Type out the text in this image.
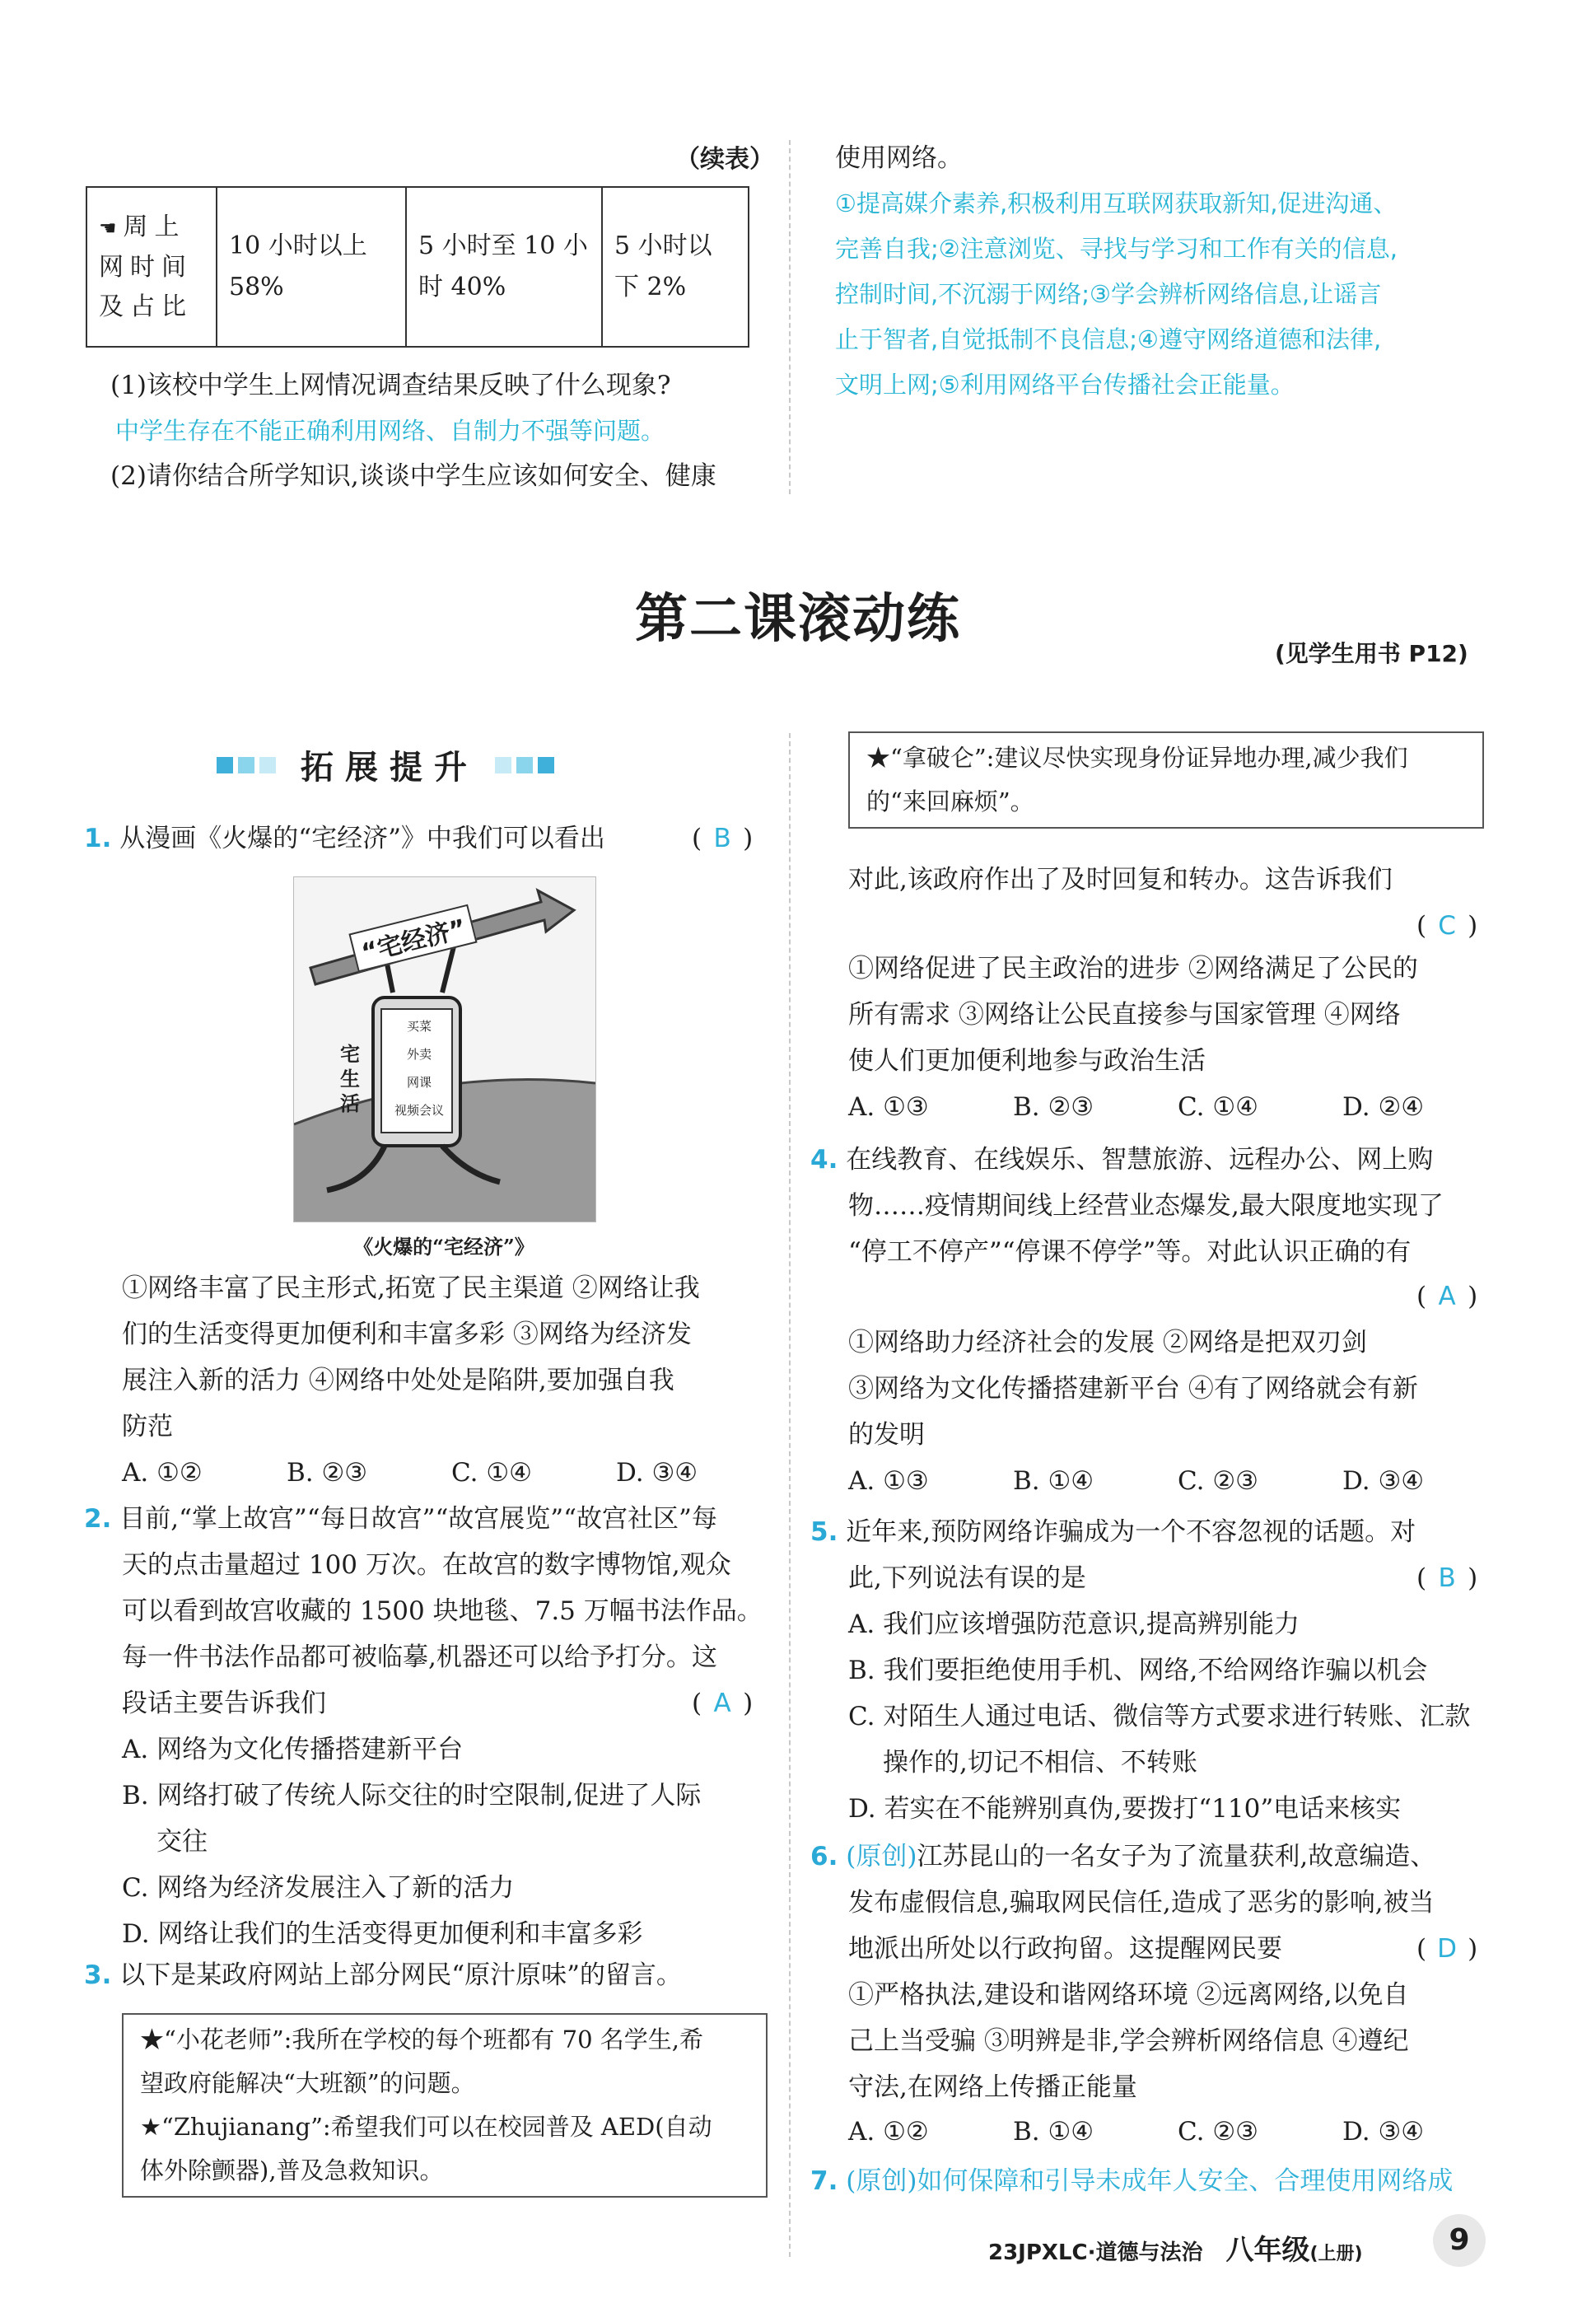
（续表）
☚周上网时间及占比	10 小时以上 58%	5 小时至 10 小时 40%	5 小时以下 2%
(1)该校中学生上网情况调查结果反映了什么现象?
中学生存在不能正确利用网络、自制力不强等问题。
(2)请你结合所学知识,谈谈中学生应该如何安全、健康
使用网络。
①提高媒介素养,积极利用互联网获取新知,促进沟通、
完善自我;②注意浏览、寻找与学习和工作有关的信息,
控制时间,不沉溺于网络;③学会辨析网络信息,让谣言
止于智者,自觉抵制不良信息;④遵守网络道德和法律,
文明上网;⑤利用网络平台传播社会正能量。
第二课滚动练
(见学生用书 P12)
拓展提升
1. 从漫画《火爆的“宅经济”》中我们可以看出	( B )
“宅经济”
买菜
外卖
网课
视频会议
宅生活
《火爆的“宅经济”》
①网络丰富了民主形式,拓宽了民主渠道 ②网络让我
们的生活变得更加便利和丰富多彩 ③网络为经济发
展注入新的活力 ④网络中处处是陷阱,要加强自我
防范
A. ①②	B. ②③	C. ①④	D. ③④
2. 目前,“掌上故宫”“每日故宫”“故宫展览”“故宫社区”每
天的点击量超过 100 万次。在故宫的数字博物馆,观众
可以看到故宫收藏的 1500 块地毯、7.5 万幅书法作品。
每一件书法作品都可被临摹,机器还可以给予打分。这
段话主要告诉我们	( A )
A. 网络为文化传播搭建新平台
B. 网络打破了传统人际交往的时空限制,促进了人际
交往
C. 网络为经济发展注入了新的活力
D. 网络让我们的生活变得更加便利和丰富多彩
3. 以下是某政府网站上部分网民“原汁原味”的留言。
★“小花老师”:我所在学校的每个班都有 70 名学生,希
望政府能解决“大班额”的问题。
★“Zhujianang”:希望我们可以在校园普及 AED(自动
体外除颤器),普及急救知识。
★“拿破仑”:建议尽快实现身份证异地办理,减少我们
的“来回麻烦”。
对此,该政府作出了及时回复和转办。这告诉我们
( C )
①网络促进了民主政治的进步 ②网络满足了公民的
所有需求 ③网络让公民直接参与国家管理 ④网络
使人们更加便利地参与政治生活
A. ①③	B. ②③	C. ①④	D. ②④
4. 在线教育、在线娱乐、智慧旅游、远程办公、网上购
物……疫情期间线上经营业态爆发,最大限度地实现了
“停工不停产”“停课不停学”等。对此认识正确的有
( A )
①网络助力经济社会的发展 ②网络是把双刃剑
③网络为文化传播搭建新平台 ④有了网络就会有新
的发明
A. ①③	B. ①④	C. ②③	D. ③④
5. 近年来,预防网络诈骗成为一个不容忽视的话题。对
此,下列说法有误的是	( B )
A. 我们应该增强防范意识,提高辨别能力
B. 我们要拒绝使用手机、网络,不给网络诈骗以机会
C. 对陌生人通过电话、微信等方式要求进行转账、汇款
操作的,切记不相信、不转账
D. 若实在不能辨别真伪,要拨打“110”电话来核实
6. (原创)江苏昆山的一名女子为了流量获利,故意编造、
发布虚假信息,骗取网民信任,造成了恶劣的影响,被当
地派出所处以行政拘留。这提醒网民要	( D )
①严格执法,建设和谐网络环境 ②远离网络,以免自
己上当受骗 ③明辨是非,学会辨析网络信息 ④遵纪
守法,在网络上传播正能量
A. ①②	B. ①④	C. ②③	D. ③④
7. (原创)如何保障和引导未成年人安全、合理使用网络成
23JPXLC·道德与法治 八年级 (上册)	9
